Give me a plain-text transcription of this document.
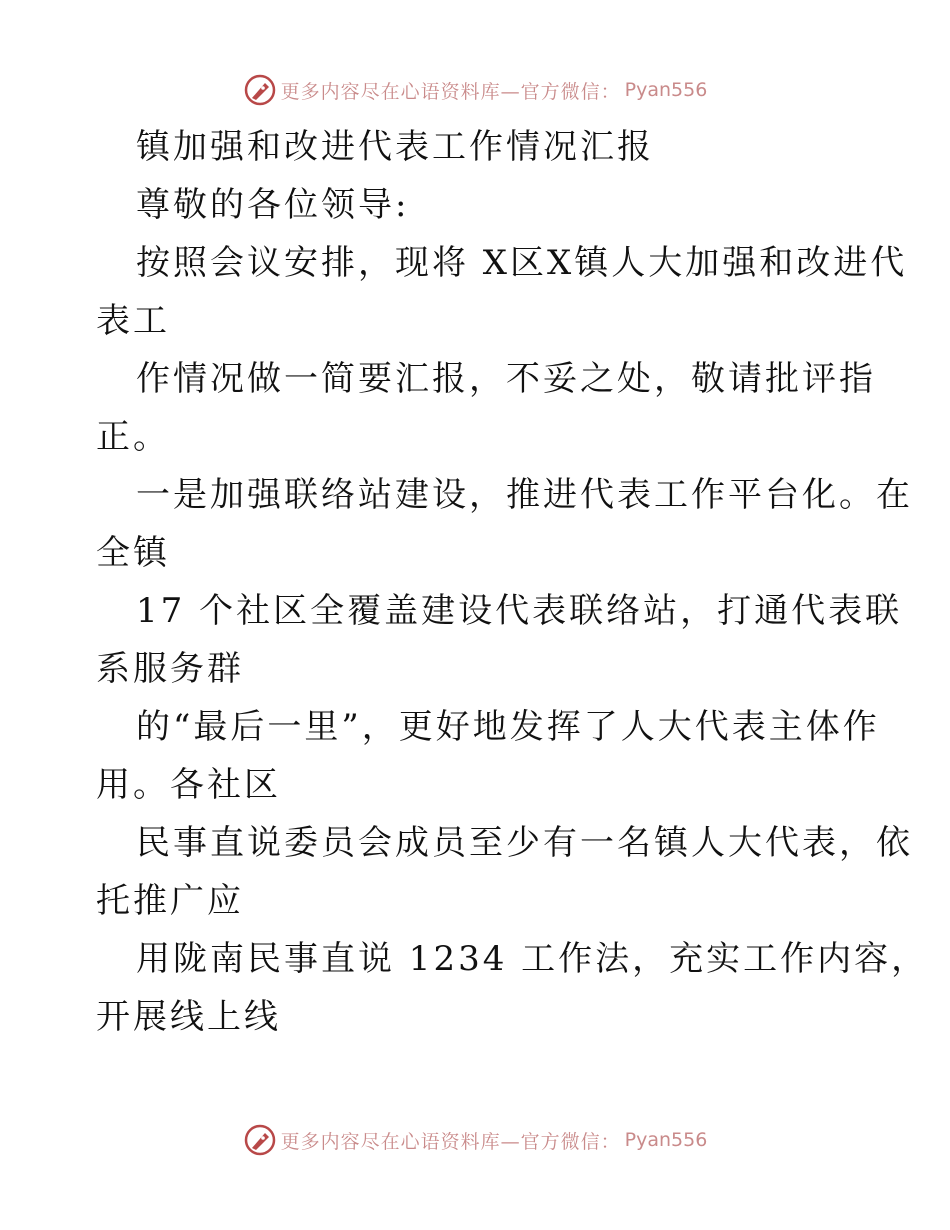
更多内容尽在心语资料库—官方微信： Pyan556
镇加强和改进代表工作情况汇报
尊敬的各位领导:
按照会议安排，现将 X区X镇人大加强和改进代
表工
作情况做一简要汇报，不妥之处，敬请批评指
正。
一是加强联络站建设，推进代表工作平台化。在
全镇
17 个社区全覆盖建设代表联络站，打通代表联
系服务群
的“最后一里”，更好地发挥了人大代表主体作
用。各社区
民事直说委员会成员至少有一名镇人大代表，依
托推广应
用陇南民事直说 1234 工作法，充实工作内容，
开展线上线
更多内容尽在心语资料库—官方微信： Pyan556
